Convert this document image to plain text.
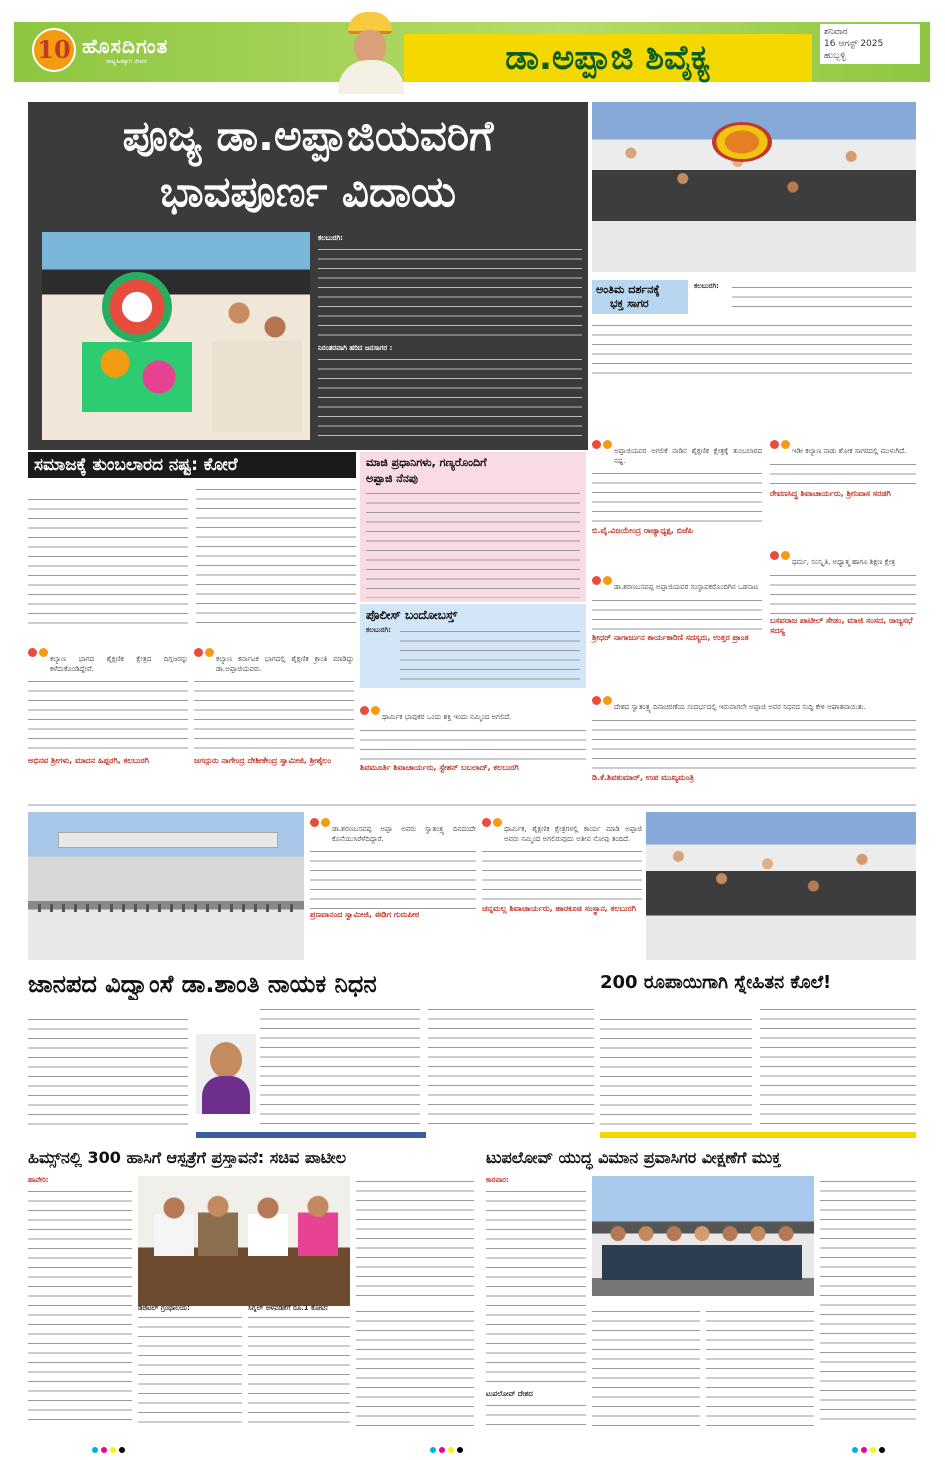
10 ಹೊಸದಿಗಂತ
ರಾಷ್ಟ್ರಹಿತಕ್ಕಾಗಿ ಜೀವನ	ಡಾ.ಅಪ್ಪಾಜಿ ಶಿವೈಕ್ಯ
ಶನಿವಾರ
16 ಆಗಸ್ಟ್ 2025
ಹುಬ್ಬಳ್ಳಿ
ಪೂಜ್ಯ ಡಾ.ಅಪ್ಪಾಜಿಯವರಿಗೆ
ಭಾವಪೂರ್ಣ ವಿದಾಯ
ಕಲಬುರಗಿ:
ನಿರಂತರವಾಗಿ ಹರಿದ ಜನಸಾಗರ :
ಅಂತಿಮ ದರ್ಶನಕ್ಕೆ
ಭಕ್ತ ಸಾಗರ
ಕಲಬುರಗಿ:
ಅಪ್ಪಾಜಿಯವರ ಅಗಲಿಕೆ ನಾಡಿನ ಶೈಕ್ಷಣಿಕ ಕ್ಷೇತ್ರಕ್ಕೆ ತುಂಬಲಾರದ ನಷ್ಟ.
ಬಿ.ವೈ.ವಿಜಯೇಂದ್ರ ರಾಜ್ಯಾಧ್ಯಕ್ಷ, ಬಿಜೆಪಿ
ಇಡೀ ಕಲ್ಯಾಣ ನಾಡು ಶೋಕ ಸಾಗರದಲ್ಲಿ ಮುಳುಗಿದೆ.
ರೇವಣಸಿದ್ಧ ಶಿವಾಚಾರ್ಯರು, ಶ್ರೀನಿವಾಸ ಸರಡಗಿ
ಡಾ.ಶರಣಬಸವಪ್ಪ ಅಪ್ಪಾಜಿಯವರ ಸಂಸ್ಥಾಪಕರೊಂದಿಗಿನ ಒಡನಾಟ
ಶ್ರೀಧರ್ ನಾಗಾರ್ಜುನ ಕಾರ್ಯಕಾರಿಣಿ ಸದಸ್ಯರು, ಉತ್ತರ ಪ್ರಾಂತ
ಧರ್ಮ, ಸಂಸ್ಕೃತಿ, ಅಧ್ಯಾತ್ಮ ಹಾಗೂ ಶಿಕ್ಷಣ ಕ್ಷೇತ್ರ
ಬಸವರಾಜ ಪಾಟೀಲ್ ಸೇಡಂ, ಮಾಜಿ ಸಂಸದ, ರಾಜ್ಯಸಭೆ ಸದಸ್ಯ
ಸಮಾಜಕ್ಕೆ ತುಂಬಲಾರದ ನಷ್ಟ: ಕೋರೆ	ಮಾಜಿ ಪ್ರಧಾನಿಗಳು, ಗಣ್ಯರೊಂದಿಗೆ
ಅಪ್ಪಾಜಿ ನೆನಪು
ಪೊಲೀಸ್ ಬಂದೋಬಸ್ತ್
ಕಲಬುರಗಿ:
ಕಲ್ಯಾಣ ಭಾಗದ ಶೈಕ್ಷಣಿಕ ಕ್ಷೇತ್ರದ ದಿಗ್ಗಜರನ್ನು ಕಳೆದುಕೊಂಡಿದ್ದೇವೆ.
ಅಭಿನವ ಶ್ರೀಗಳು, ಮಾದನ ಹಿಪ್ಪರಗಿ, ಕಲಬುರಗಿ
ಕಲ್ಯಾಣ ಕರ್ನಾಟಕ ಭಾಗದಲ್ಲಿ ಶೈಕ್ಷಣಿಕ ಕ್ರಾಂತಿ ಮಾಡಿದ್ದು ಡಾ.ಅಪ್ಪಾಜಿಯವರು.
ಜಗದ್ಗುರು ನಾಗೇಂದ್ರ ದೇಶೀಕೇಂದ್ರ ಸ್ವಾಮೀಜಿ, ಶ್ರೀಶೈಲಂ
ಧಾರ್ಮಿಕ ಭಾವುಕರ ಒಂದು ಶಕ್ತಿ ಇಂದು ನಮ್ಮಿಂದ ಅಗಲಿದೆ.
ಶಿವಮೂರ್ತಿ ಶಿವಾಚಾರ್ಯರು, ಸ್ಟೇಶನ್ ಬಬಲಾದ್, ಕಲಬುರಗಿ
ದೇಶದ ಸ್ವಾತಂತ್ರ್ಯ ದಿನಾಚರಣೆಯ ಸಂದರ್ಭದಲ್ಲಿ ಇರುವಾಗಲೇ ಅಪ್ಪಾಜಿ ಅವರ ನಿಧನದ ಸುದ್ದಿ ಕೇಳಿ ಆಘಾತವಾಯಿತು.
ಡಿ.ಕೆ.ಶಿವಕುಮಾರ್, ಉಪ ಮುಖ್ಯಮಂತ್ರಿ
ಡಾ.ಶರಣಬಸವಪ್ಪ ಅಪ್ಪಾ ಅವರು ಸ್ವಾತಂತ್ರ್ಯ ದಿನದಂದೇ ಕೊನೆಯುಸಿರೆಳೆದಿದ್ದಾರೆ.
ಪ್ರಣವಾನಂದ ಸ್ವಾಮೀಜಿ, ಈಡಿಗ ಗುರುಪೀಠ
ಧಾರ್ಮಿಕ, ಶೈಕ್ಷಣಿಕ ಕ್ಷೇತ್ರಗಳಲ್ಲಿ ಕಾರ್ಯ ಮಾಡಿ ಅಪ್ಪಾಜಿ ಅವರು ನಮ್ಮಿಂದ ಅಗಲಿರುವುದು ಅತೀವ ನೋವು ತಂದಿದೆ.
ಚನ್ನಮಲ್ಲ ಶಿವಾಚಾರ್ಯರು, ಹಾರಕೂಡ ಸಂಸ್ಥಾನ, ಕಲಬುರಗಿ
ಜಾನಪದ ವಿದ್ವಾಂಸೆ ಡಾ.ಶಾಂತಿ ನಾಯಕ ನಿಧನ	200 ರೂಪಾಯಿಗಾಗಿ ಸ್ನೇಹಿತನ ಕೊಲೆ!
ಹಿಮ್ಸ್‌ನಲ್ಲಿ 300 ಹಾಸಿಗೆ ಆಸ್ಪತ್ರೆಗೆ ಪ್ರಸ್ತಾವನೆ: ಸಚಿವ ಪಾಟೀಲ
ಹಾವೇರಿ:
ಡಿಜಿಟಲ್ ಗ್ರಂಥಾಲಯ:	ಸಿಗ್ನಲ್ ಅಳವಡಿಕೆಗೆ ರೂ.1 ಕೋಟಿ:
ಟುಪಲೋವ್ ಯುದ್ಧ ವಿಮಾನ ಪ್ರವಾಸಿಗರ ವೀಕ್ಷಣೆಗೆ ಮುಕ್ತ
ಕಾರವಾರ:
ಟುಪಲೋವ್ ದೇಶದ
